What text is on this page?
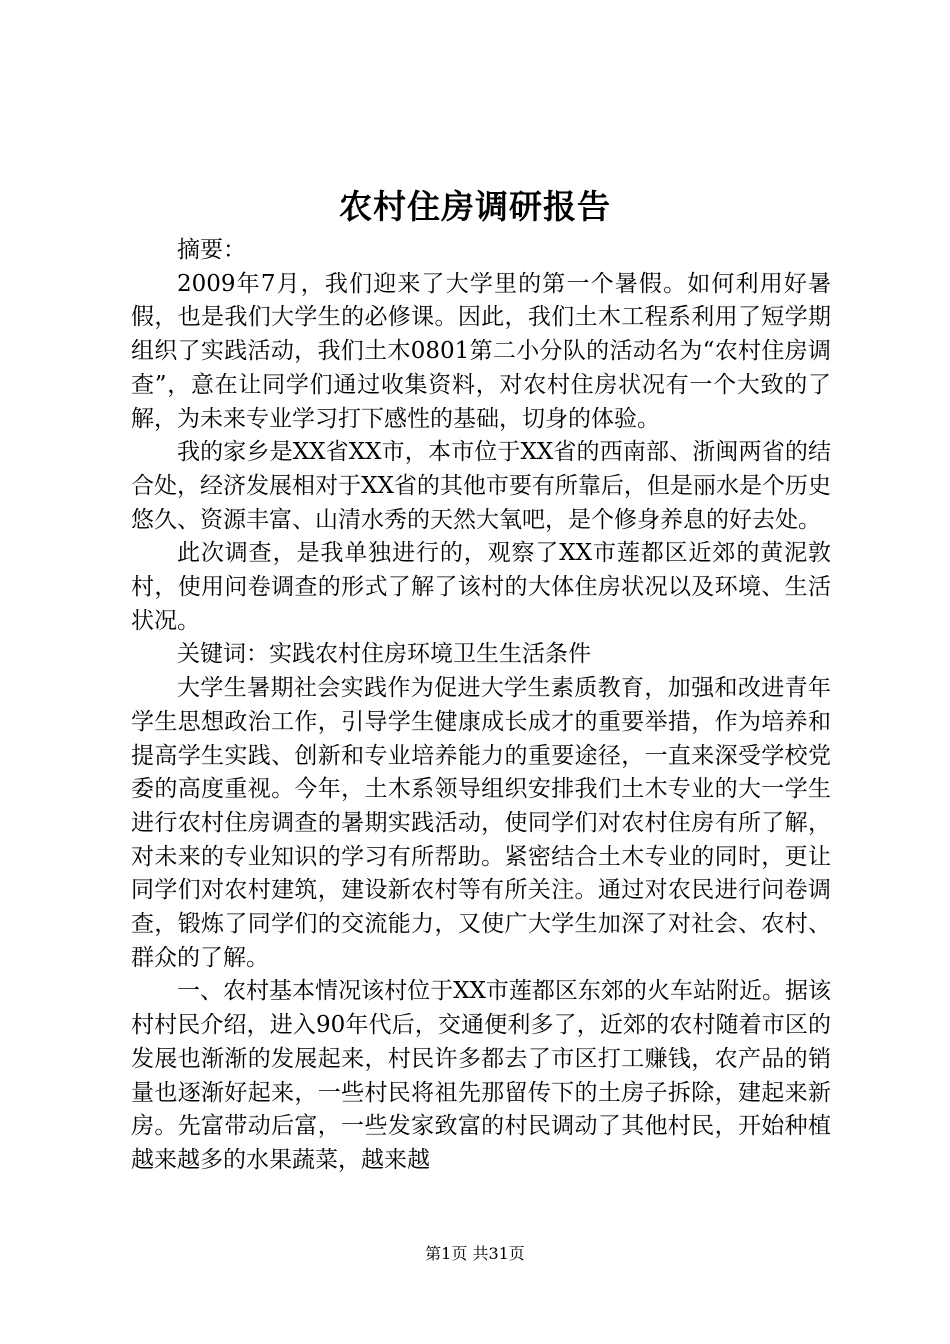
农村住房调研报告

摘要：

2009年7月，我们迎来了大学里的第一个暑假。如何利用好暑假，也是我们大学生的必修课。因此，我们土木工程系利用了短学期组织了实践活动，我们土木0801第二小分队的活动名为“农村住房调查”，意在让同学们通过收集资料，对农村住房状况有一个大致的了解，为未来专业学习打下感性的基础，切身的体验。

我的家乡是XX省XX市，本市位于XX省的西南部、浙闽两省的结合处，经济发展相对于XX省的其他市要有所靠后，但是丽水是个历史悠久、资源丰富、山清水秀的天然大氧吧，是个修身养息的好去处。

此次调查，是我单独进行的，观察了XX市莲都区近郊的黄泥敦村，使用问卷调查的形式了解了该村的大体住房状况以及环境、生活状况。

关键词：实践农村住房环境卫生生活条件

大学生暑期社会实践作为促进大学生素质教育，加强和改进青年学生思想政治工作，引导学生健康成长成才的重要举措，作为培养和提高学生实践、创新和专业培养能力的重要途径，一直来深受学校党委的高度重视。今年，土木系领导组织安排我们土木专业的大一学生进行农村住房调查的暑期实践活动，使同学们对农村住房有所了解，对未来的专业知识的学习有所帮助。紧密结合土木专业的同时，更让同学们对农村建筑，建设新农村等有所关注。通过对农民进行问卷调查，锻炼了同学们的交流能力，又使广大学生加深了对社会、农村、群众的了解。

一、农村基本情况该村位于XX市莲都区东郊的火车站附近。据该村村民介绍，进入90年代后，交通便利多了，近郊的农村随着市区的发展也渐渐的发展起来，村民许多都去了市区打工赚钱，农产品的销量也逐渐好起来，一些村民将祖先那留传下的土房子拆除，建起来新房。先富带动后富，一些发家致富的村民调动了其他村民，开始种植越来越多的水果蔬菜，越来越

第1页 共31页
